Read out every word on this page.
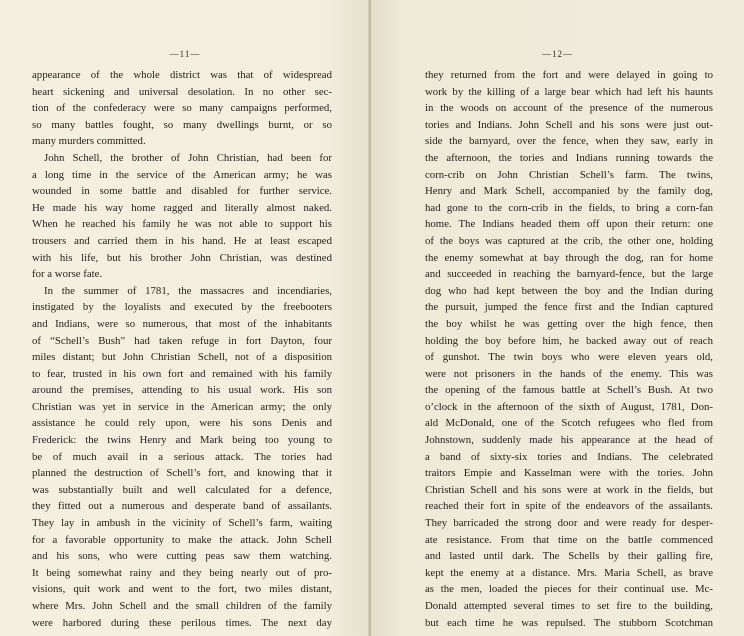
—11—
appearance of the whole district was that of widespread
heart sickening and universal desolation. In no other sec-
tion of the confederacy were so many campaigns performed,
so many battles fought, so many dwellings burnt, or so
many murders committed.
John Schell, the brother of John Christian, had been for
a long time in the service of the American army; he was
wounded in some battle and disabled for further service.
He made his way home ragged and literally almost naked.
When he reached his family he was not able to support his
trousers and carried them in his hand. He at least escaped
with his life, but his brother John Christian, was destined
for a worse fate.
In the summer of 1781, the massacres and incendiaries,
instigated by the loyalists and executed by the freebooters
and Indians, were so numerous, that most of the inhabitants
of “Schell’s Bush” had taken refuge in fort Dayton, four
miles distant; but John Christian Schell, not of a disposition
to fear, trusted in his own fort and remained with his family
around the premises, attending to his usual work. His son
Christian was yet in service in the American army; the only
assistance he could rely upon, were his sons Denis and
Frederick: the twins Henry and Mark being too young to
be of much avail in a serious attack. The tories had
planned the destruction of Schell’s fort, and knowing that it
was substantially built and well calculated for a defence,
they fitted out a numerous and desperate band of assailants.
They lay in ambush in the vicinity of Schell’s farm, waiting
for a favorable opportunity to make the attack. John Schell
and his sons, who were cutting peas saw them watching.
It being somewhat rainy and they being nearly out of pro-
visions, quit work and went to the fort, two miles distant,
where Mrs. John Schell and the small children of the family
were harbored during these perilous times. The next day
—12—
they returned from the fort and were delayed in going to
work by the killing of a large bear which had left his haunts
in the woods on account of the presence of the numerous
tories and Indians. John Schell and his sons were just out-
side the barnyard, over the fence, when they saw, early in
the afternoon, the tories and Indians running towards the
corn-crib on John Christian Schell’s farm. The twins,
Henry and Mark Schell, accompanied by the family dog,
had gone to the corn-crib in the fields, to bring a corn-fan
home. The Indians headed them off upon their return: one
of the boys was captured at the crib, the other one, holding
the enemy somewhat at bay through the dog, ran for home
and succeeded in reaching the barnyard-fence, but the large
dog who had kept between the boy and the Indian during
the pursuit, jumped the fence first and the Indian captured
the boy whilst he was getting over the high fence, then
holding the boy before him, he backed away out of reach
of gunshot. The twin boys who were eleven years old,
were not prisoners in the hands of the enemy. This was
the opening of the famous battle at Schell’s Bush. At two
o’clock in the afternoon of the sixth of August, 1781, Don-
ald McDonald, one of the Scotch refugees who fled from
Johnstown, suddenly made his appearance at the head of
a band of sixty-six tories and Indians. The celebrated
traitors Empie and Kasselman were with the tories. John
Christian Schell and his sons were at work in the fields, but
reached their fort in spite of the endeavors of the assailants.
They barricaded the strong door and were ready for desper-
ate resistance. From that time on the battle commenced
and lasted until dark. The Schells by their galling fire,
kept the enemy at a distance. Mrs. Maria Schell, as brave
as the men, loaded the pieces for their continual use. Mc-
Donald attempted several times to set fire to the building,
but each time he was repulsed. The stubborn Scotchman
